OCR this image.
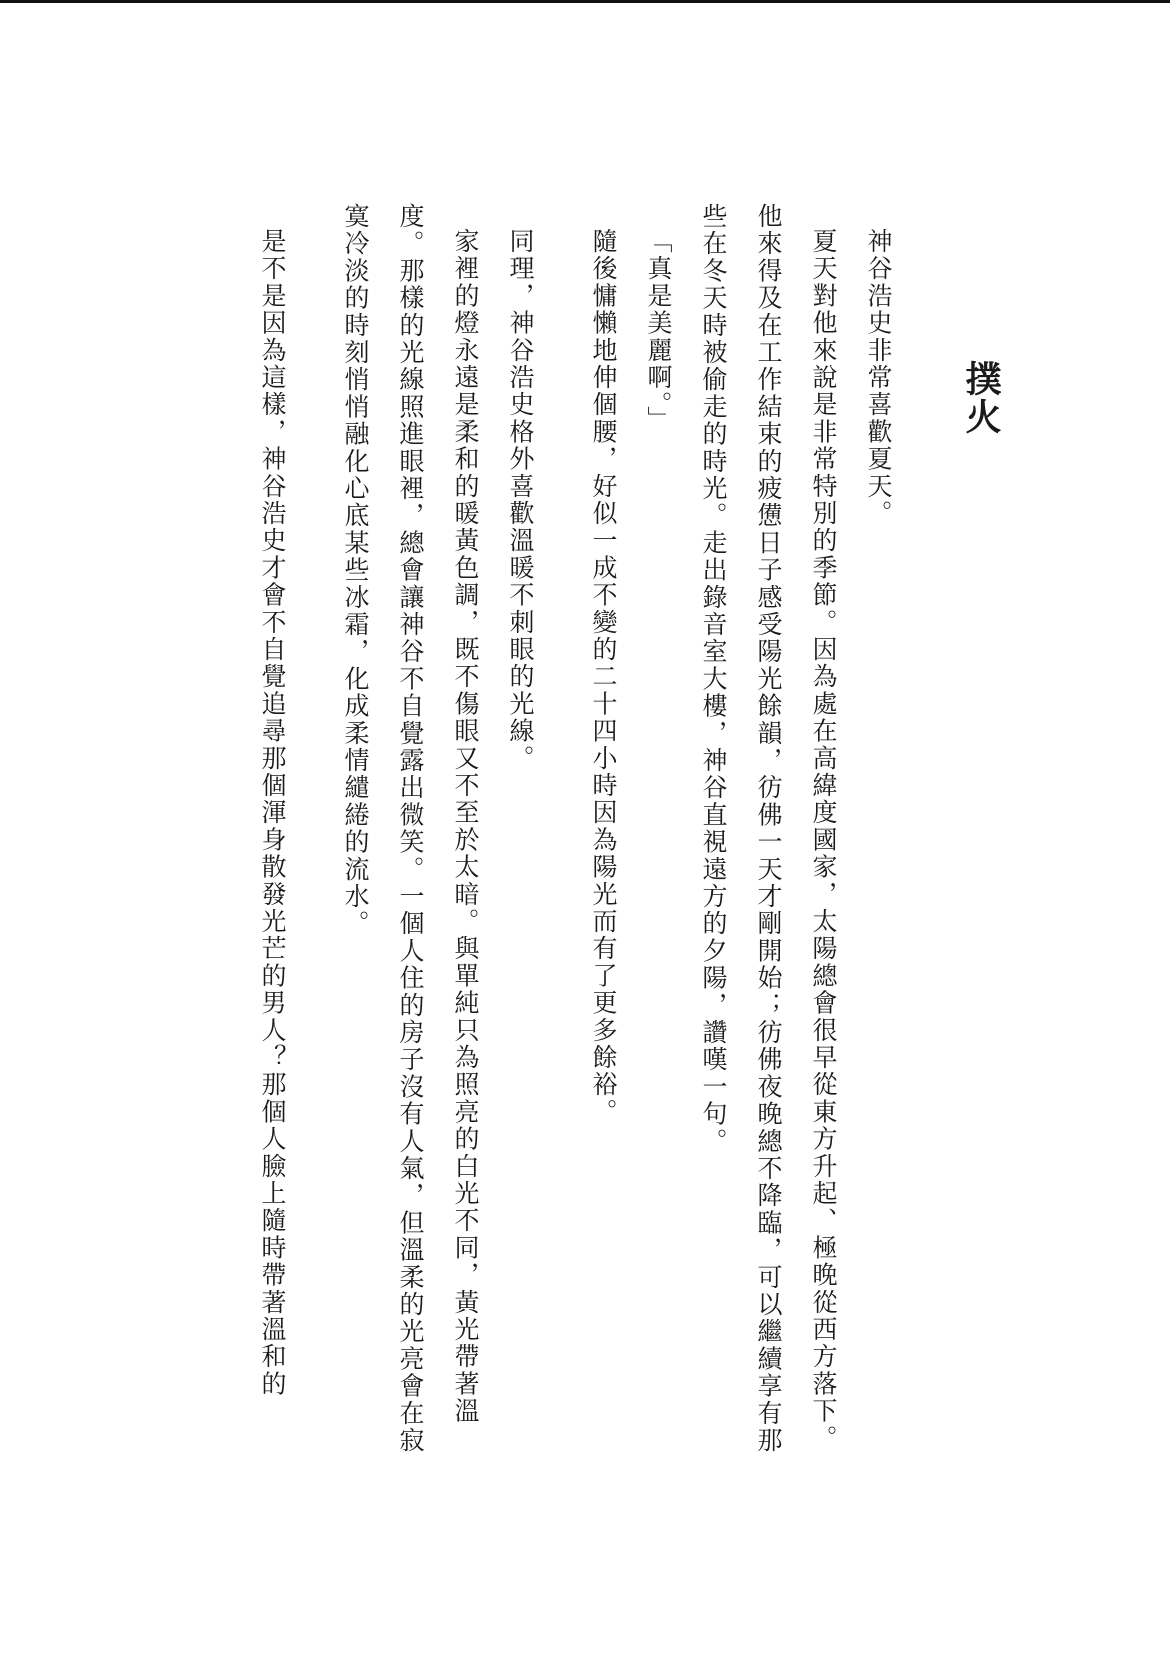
撲火

神谷浩史非常喜歡夏天。

夏天對他來說是非常特別的季節。因為處在高緯度國家，太陽總會很早從東方升起、極晚從西方落下。他來得及在工作結束的疲憊日子感受陽光餘韻，彷佛一天才剛開始；彷佛夜晚總不降臨，可以繼續享有那些在冬天時被偷走的時光。走出錄音室大樓，神谷直視遠方的夕陽，讚嘆一句。

「真是美麗啊。」

隨後慵懶地伸個腰，好似一成不變的二十四小時因為陽光而有了更多餘裕。

同理，神谷浩史格外喜歡溫暖不刺眼的光線。

家裡的燈永遠是柔和的暖黃色調，既不傷眼又不至於太暗。與單純只為照亮的白光不同，黃光帶著溫度。那樣的光線照進眼裡，總會讓神谷不自覺露出微笑。一個人住的房子沒有人氣，但溫柔的光亮會在寂寞冷淡的時刻悄悄融化心底某些冰霜，化成柔情繾綣的流水。

是不是因為這樣，神谷浩史才會不自覺追尋那個渾身散發光芒的男人？那個人臉上隨時帶著溫和的
